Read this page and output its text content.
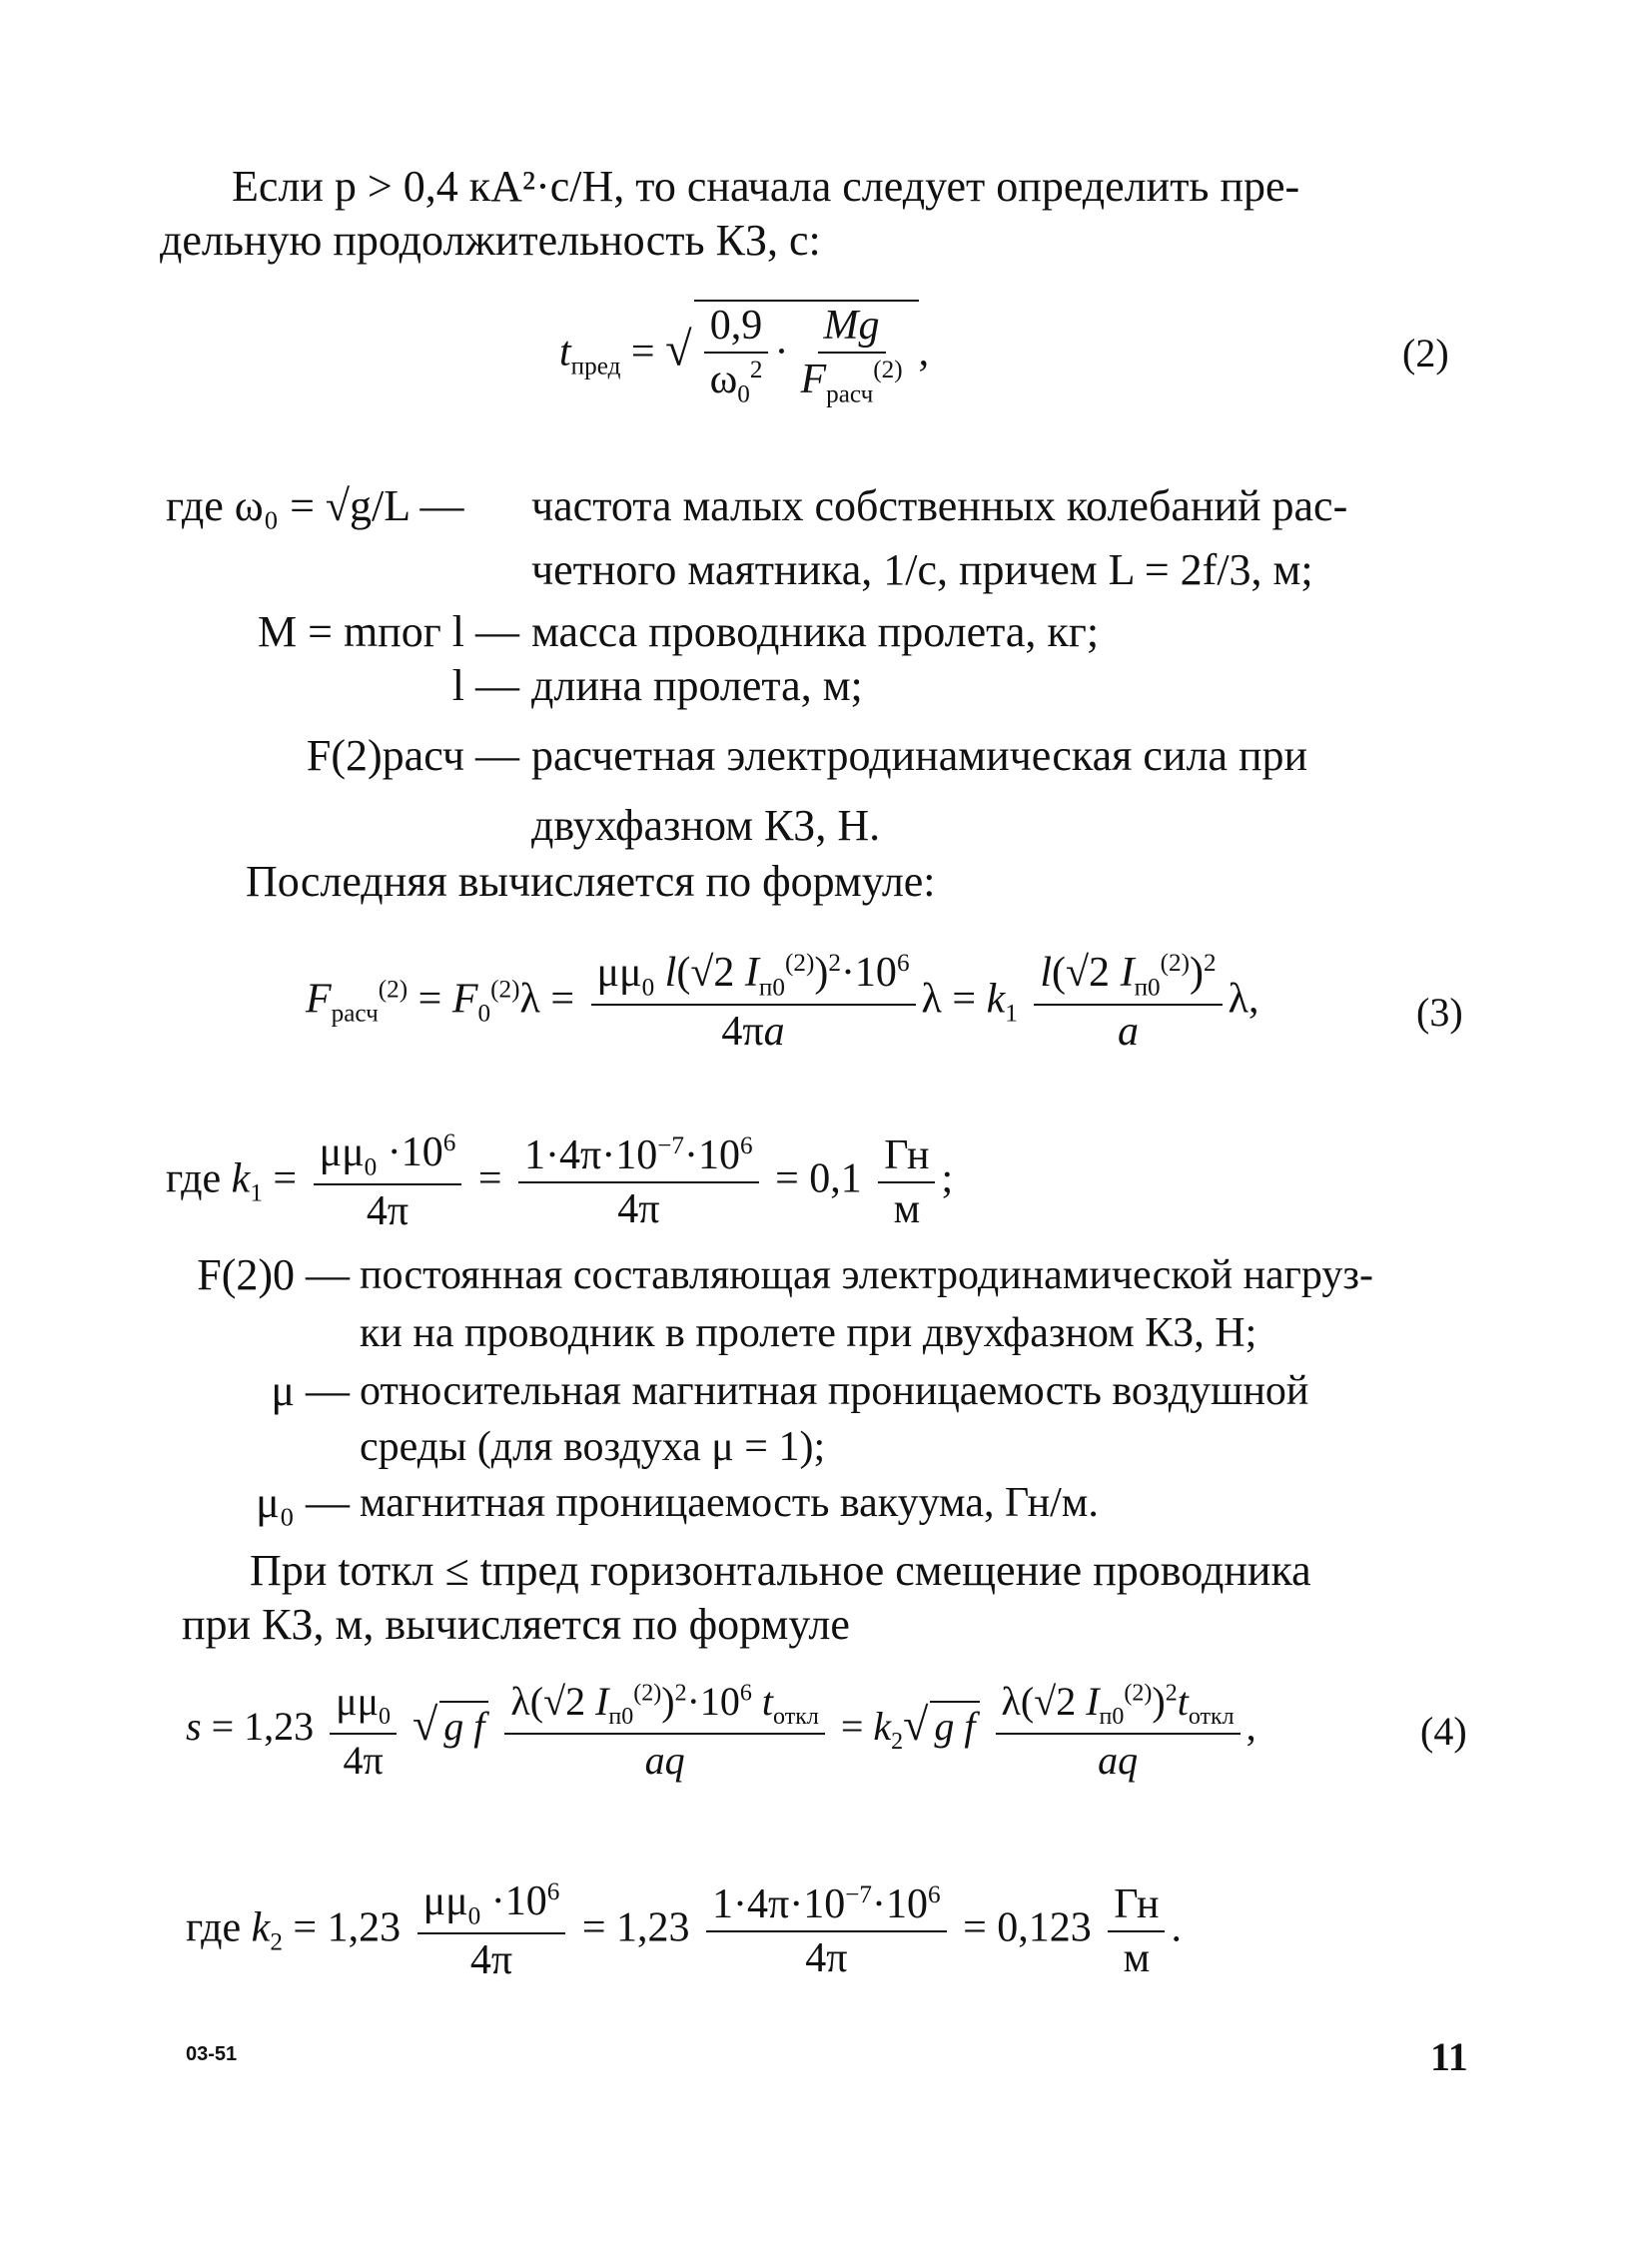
Если p > 0,4 кА²·с/Н, то сначала следует определить пре-
дельную продолжительность КЗ, с:
$t_{пред}$ = √ $\frac{0,9}{\omega_0^2} \cdot \frac{Mg}{F_{расч}^{(2)}}$ ,	(2)
где ω₀ = √g/L — частота малых собственных колебаний рас-
четного маятника, 1/с, причем L = 2f/3, м;
M = mпог l — масса проводника пролета, кг;
l — длина пролета, м;
F(2)расч — расчетная электродинамическая сила при
двухфазном КЗ, Н.
Последняя вычисляется по формуле:
$F_{расч}^{(2)} = F_0^{(2)}\lambda = \frac{\mu\mu_0 l(√2 I_{п0}^{(2)})^2\cdot 10^6}{4\pi a}$ $\lambda = k_1 \frac{l(√2 I_{п0}^{(2)})^2}{a} \lambda$,	(3)
где $k_1 = \frac{\mu\mu_0 \cdot 10^6}{4\pi} = \frac{1\cdot 4\pi\cdot 10^{-7}\cdot 10^6}{4\pi} = 0,1 \frac{Гн}{м}$ ;
F(2)0 — постоянная составляющая электродинамической нагруз-
ки на проводник в пролете при двухфазном КЗ, Н;
μ — относительная магнитная проницаемость воздушной
среды (для воздуха μ = 1);
μ₀ — магнитная проницаемость вакуума, Гн/м.
При tоткл ≤ tпред горизонтальное смещение проводника
при КЗ, м, вычисляется по формуле
$s = 1,23 \frac{\mu\mu_0}{4\pi}$ √ g f $\frac{\lambda(√2 I_{п0}^{(2)})^2\cdot 10^6 t_{откл}}{aq} = k_2√$ g f $\frac{\lambda(√2 I_{п0}^{(2)})^2t_{откл}}{aq}$ ,	(4)
где $k_2 = 1,23 \frac{\mu\mu_0 \cdot 10^6}{4\pi} = 1,23 \frac{1\cdot 4\pi\cdot 10^{-7}\cdot 10^6}{4\pi} = 0,123 \frac{Гн}{м}$ .
03-51	11
